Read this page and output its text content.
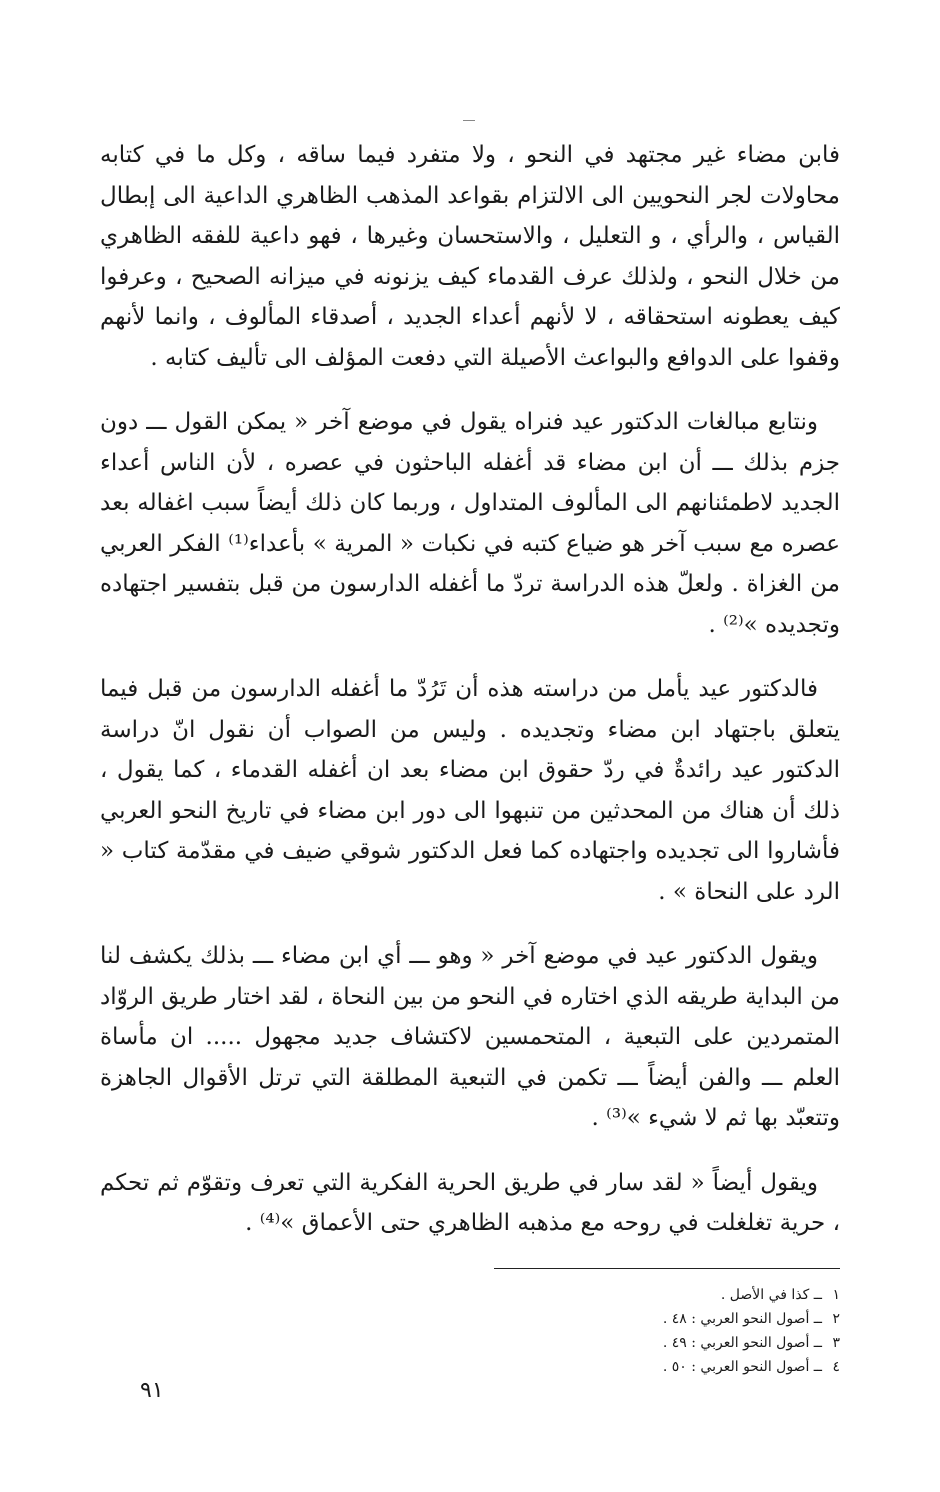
فابن مضاء غير مجتهد في النحو ، ولا متفرد فيما ساقه ، وكل ما في كتابه محاولات لجر النحويين الى الالتزام بقواعد المذهب الظاهري الداعية الى إبطال القياس ، والرأي ، و التعليل ، والاستحسان وغيرها ، فهو داعية للفقه الظاهري من خلال النحو ، ولذلك عرف القدماء كيف يزنونه في ميزانه الصحيح ، وعرفوا كيف يعطونه استحقاقه ، لا لأنهم أعداء الجديد ، أصدقاء المألوف ، وانما لأنهم وقفوا على الدوافع والبواعث الأصيلة التي دفعت المؤلف الى تأليف كتابه .

ونتابع مبالغات الدكتور عيد فنراه يقول في موضع آخر « يمكن القول ـــ دون جزم بذلك ـــ أن ابن مضاء قد أغفله الباحثون في عصره ، لأن الناس أعداء الجديد لاطمئنانهم الى المألوف المتداول ، وربما كان ذلك أيضاً سبب اغفاله بعد عصره مع سبب آخر هو ضياع كتبه في نكبات « المرية » بأعداء⁽¹⁾ الفكر العربي من الغزاة . ولعلّ هذه الدراسة تردّ ما أغفله الدارسون من قبل بتفسير اجتهاده وتجديده »⁽²⁾ .

فالدكتور عيد يأمل من دراسته هذه أن تَرُدّ ما أغفله الدارسون من قبل فيما يتعلق باجتهاد ابن مضاء وتجديده . وليس من الصواب أن نقول انّ دراسة الدكتور عيد رائدةٌ في ردّ حقوق ابن مضاء بعد ان أغفله القدماء ، كما يقول ، ذلك أن هناك من المحدثين من تنبهوا الى دور ابن مضاء في تاريخ النحو العربي فأشاروا الى تجديده واجتهاده كما فعل الدكتور شوقي ضيف في مقدّمة كتاب « الرد على النحاة » .

ويقول الدكتور عيد في موضع آخر « وهو ـــ أي ابن مضاء ـــ بذلك يكشف لنا من البداية طريقه الذي اختاره في النحو من بين النحاة ، لقد اختار طريق الروّاد المتمردين على التبعية ، المتحمسين لاكتشاف جديد مجهول ..... ان مأساة العلم ـــ والفن أيضاً ـــ تكمن في التبعية المطلقة التي ترتل الأقوال الجاهزة وتتعبّد بها ثم لا شيء »⁽³⁾ .

ويقول أيضاً « لقد سار في طريق الحرية الفكرية التي تعرف وتقوّم ثم تحكم ، حرية تغلغلت في روحه مع مذهبه الظاهري حتى الأعماق »⁽⁴⁾ .

١
ــ كذا في الأصل .
٢
ــ أصول النحو العربي : ٤٨ .
٣
ــ أصول النحو العربي : ٤٩ .
٤
ــ أصول النحو العربي : ٥٠ .
٩١
